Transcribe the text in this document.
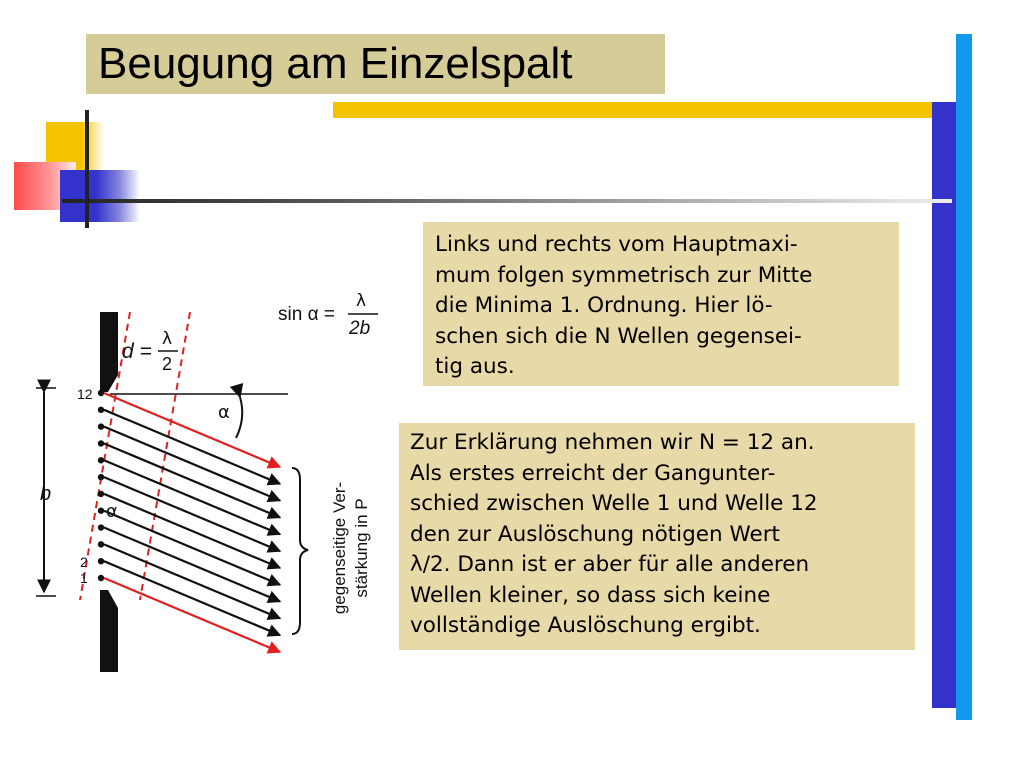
Beugung am Einzelspalt
Links und rechts vom Hauptmaxi-
mum folgen symmetrisch zur Mitte
die Minima 1. Ordnung. Hier lö-
schen sich die N Wellen gegensei-
tig aus.
Zur Erklärung nehmen wir N = 12 an.
Als erstes erreicht der Gangunter-
schied zwischen Welle 1 und Welle 12
den zur Auslöschung nötigen Wert
λ/2. Dann ist er aber für alle anderen
Wellen kleiner, so dass sich keine
vollständige Auslöschung ergibt.
b
12
2
1
α
α
sin α =
λ
2b
d =
λ
2
gegenseitige Ver- stärkung in P
